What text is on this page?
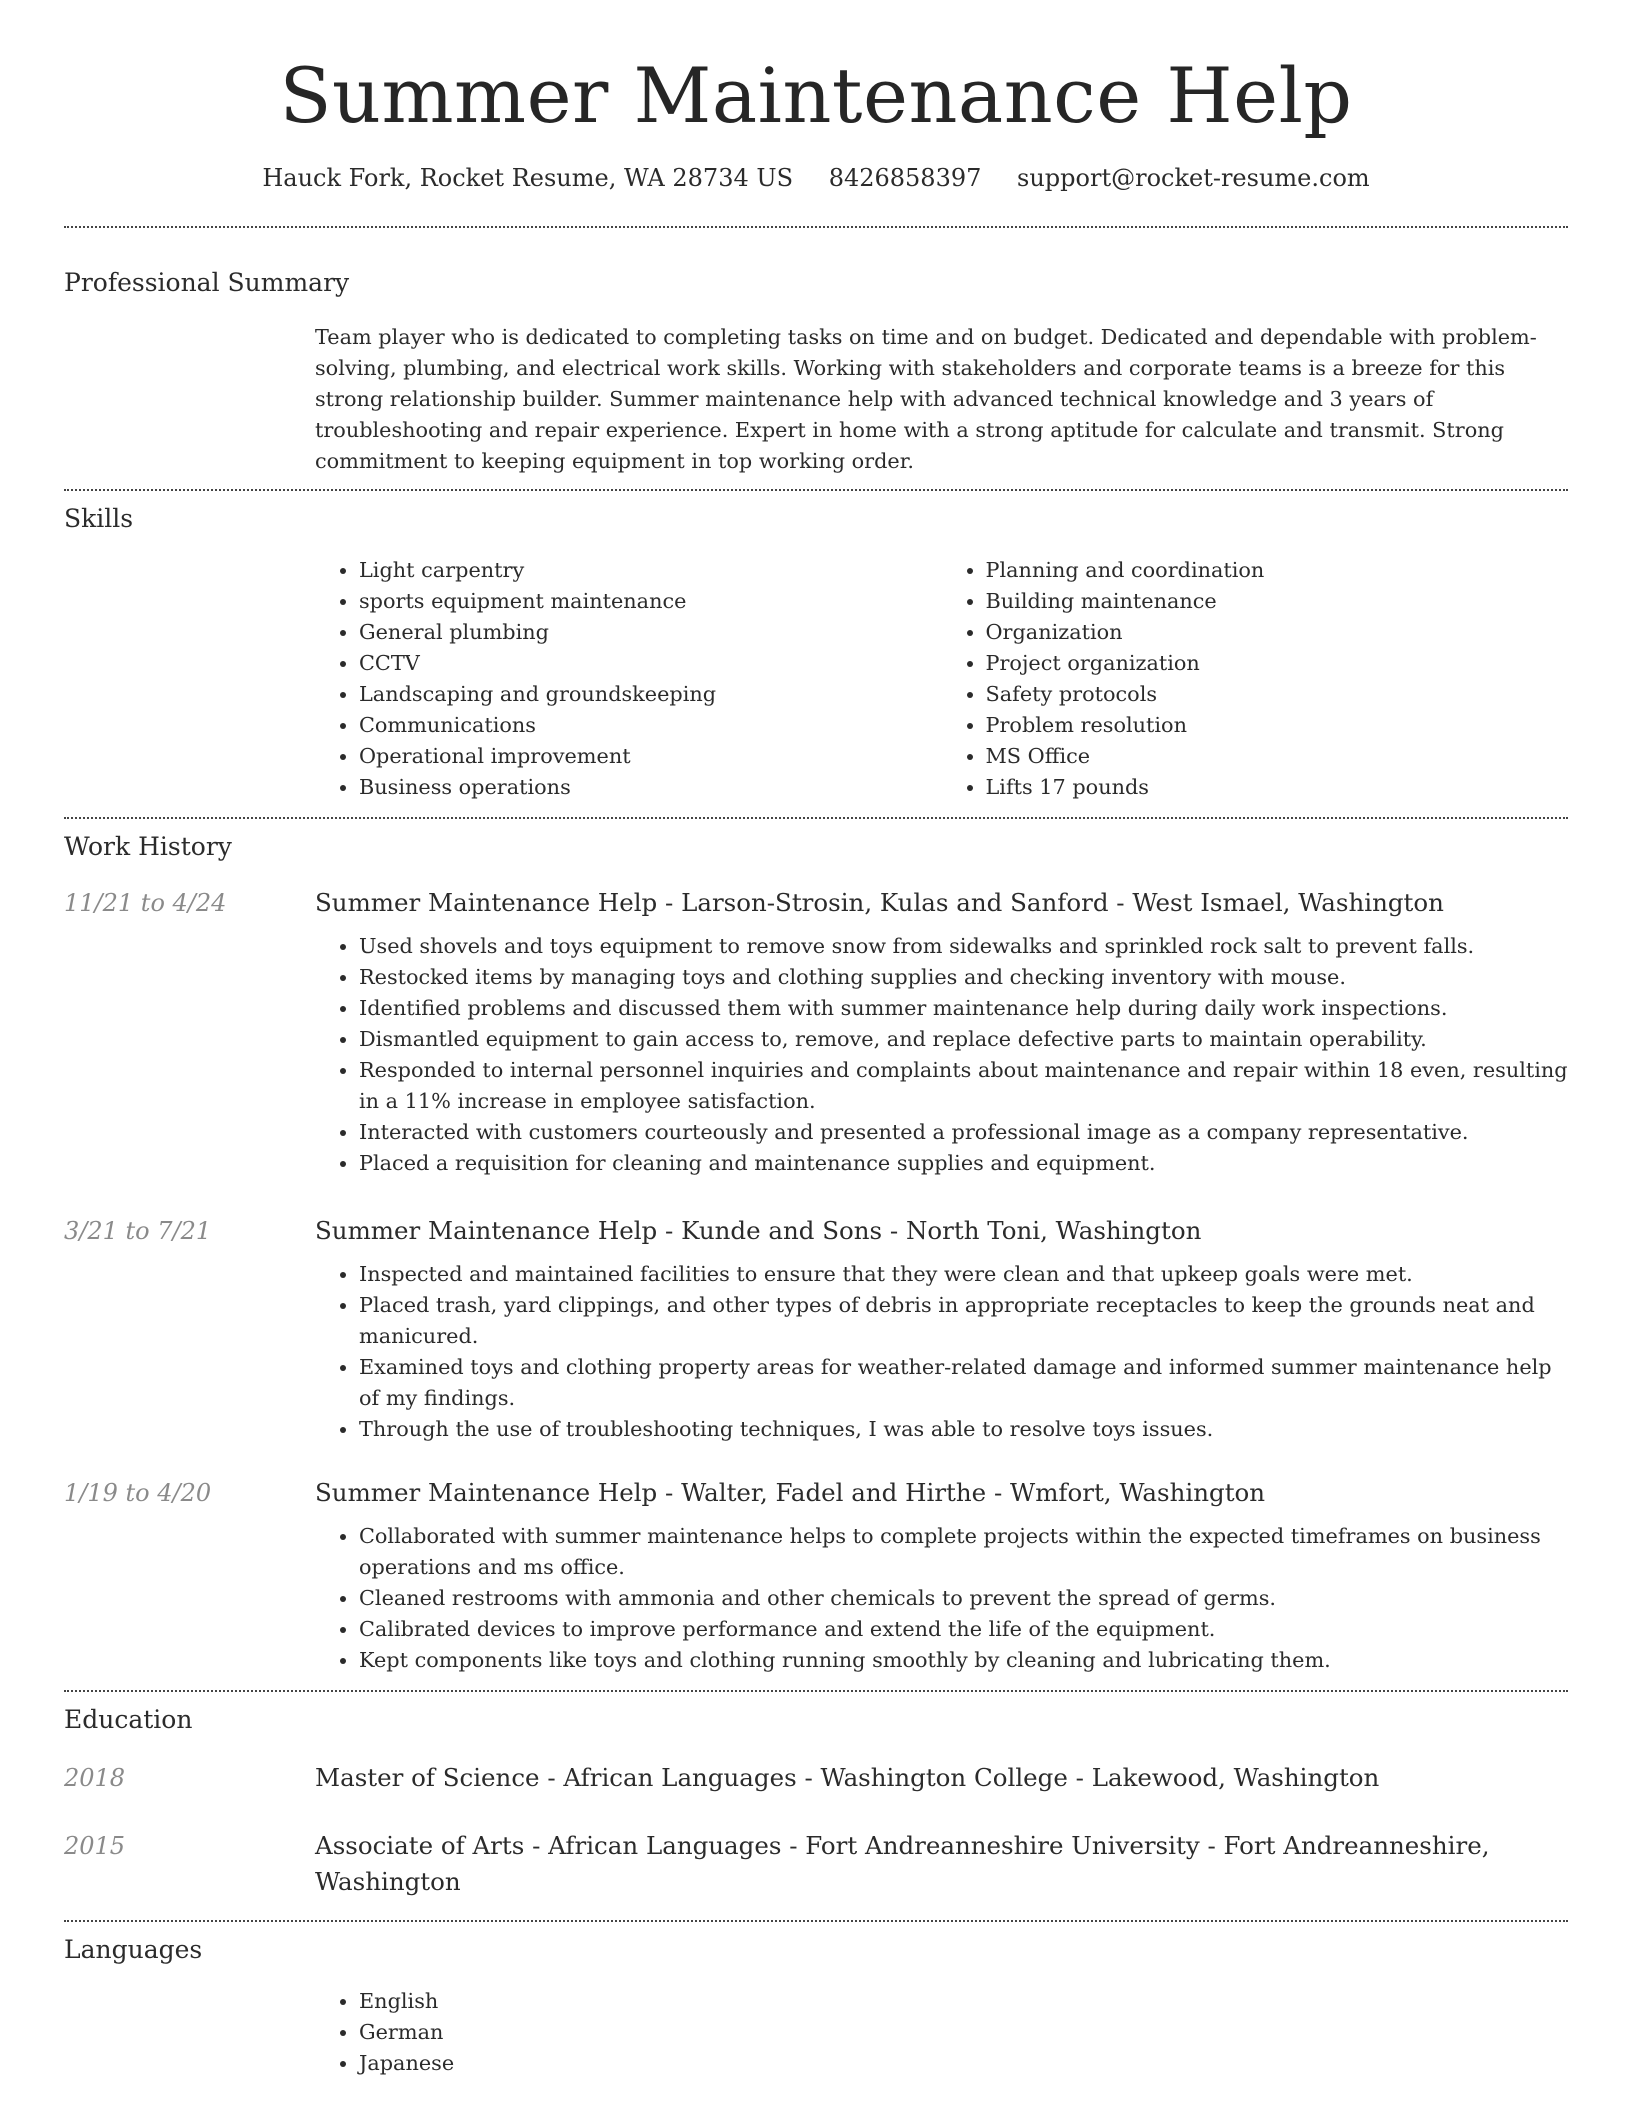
Summer Maintenance Help
Hauck Fork, Rocket Resume, WA 28734 US 8426858397 support@rocket-resume.com
Professional Summary
Team player who is dedicated to completing tasks on time and on budget. Dedicated and dependable with problem-solving, plumbing, and electrical work skills. Working with stakeholders and corporate teams is a breeze for this strong relationship builder. Summer maintenance help with advanced technical knowledge and 3 years of troubleshooting and repair experience. Expert in home with a strong aptitude for calculate and transmit. Strong commitment to keeping equipment in top working order.
Skills
• Light carpentry
• sports equipment maintenance
• General plumbing
• CCTV
• Landscaping and groundskeeping
• Communications
• Operational improvement
• Business operations
• Planning and coordination
• Building maintenance
• Organization
• Project organization
• Safety protocols
• Problem resolution
• MS Office
• Lifts 17 pounds
Work History
11/21 to 4/24	Summer Maintenance Help - Larson-Strosin, Kulas and Sanford - West Ismael, Washington
• Used shovels and toys equipment to remove snow from sidewalks and sprinkled rock salt to prevent falls.
• Restocked items by managing toys and clothing supplies and checking inventory with mouse.
• Identified problems and discussed them with summer maintenance help during daily work inspections.
• Dismantled equipment to gain access to, remove, and replace defective parts to maintain operability.
• Responded to internal personnel inquiries and complaints about maintenance and repair within 18 even, resulting in a 11% increase in employee satisfaction.
• Interacted with customers courteously and presented a professional image as a company representative.
• Placed a requisition for cleaning and maintenance supplies and equipment.
3/21 to 7/21	Summer Maintenance Help - Kunde and Sons - North Toni, Washington
• Inspected and maintained facilities to ensure that they were clean and that upkeep goals were met.
• Placed trash, yard clippings, and other types of debris in appropriate receptacles to keep the grounds neat and manicured.
• Examined toys and clothing property areas for weather-related damage and informed summer maintenance help of my findings.
• Through the use of troubleshooting techniques, I was able to resolve toys issues.
1/19 to 4/20	Summer Maintenance Help - Walter, Fadel and Hirthe - Wmfort, Washington
• Collaborated with summer maintenance helps to complete projects within the expected timeframes on business operations and ms office.
• Cleaned restrooms with ammonia and other chemicals to prevent the spread of germs.
• Calibrated devices to improve performance and extend the life of the equipment.
• Kept components like toys and clothing running smoothly by cleaning and lubricating them.
Education
2018	Master of Science - African Languages - Washington College - Lakewood, Washington
2015	Associate of Arts - African Languages - Fort Andreanneshire University - Fort Andreanneshire, Washington
Languages
• English
• German
• Japanese
